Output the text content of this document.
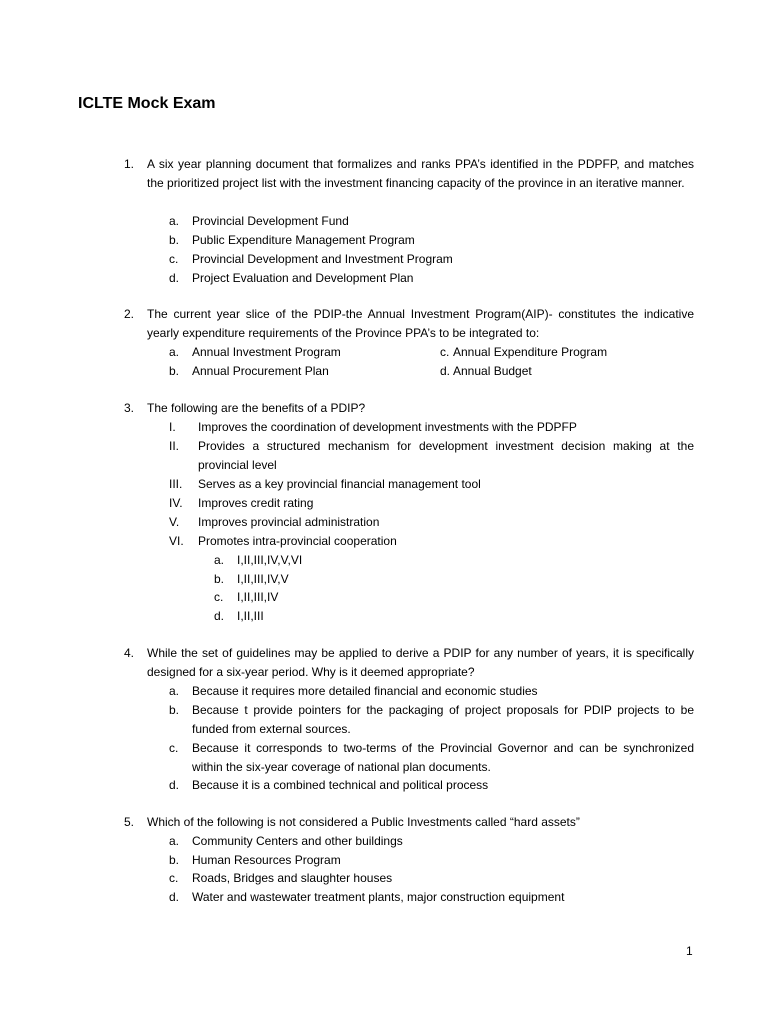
ICLTE Mock Exam
1. A six year planning document that formalizes and ranks PPA’s identified in the PDPFP, and matches the prioritized project list with the investment financing capacity of the province in an iterative manner.
a. Provincial Development Fund
b. Public Expenditure Management Program
c. Provincial Development and Investment Program
d. Project Evaluation and Development Plan
2. The current year slice of the PDIP-the Annual Investment Program(AIP)- constitutes the indicative yearly expenditure requirements of the Province PPA’s to be integrated to:
a. Annual Investment Program	c. Annual Expenditure Program
b. Annual Procurement Plan	d. Annual Budget
3. The following are the benefits of a PDIP?
I. Improves the coordination of development investments with the PDPFP
II. Provides a structured mechanism for development investment decision making at the provincial level
III. Serves as a key provincial financial management tool
IV. Improves credit rating
V. Improves provincial administration
VI. Promotes intra-provincial cooperation
a. I,II,III,IV,V,VI
b. I,II,III,IV,V
c. I,II,III,IV
d. I,II,III
4. While the set of guidelines may be applied to derive a PDIP for any number of years, it is specifically designed for a six-year period. Why is it deemed appropriate?
a. Because it requires more detailed financial and economic studies
b. Because t provide pointers for the packaging of project proposals for PDIP projects to be funded from external sources.
c. Because it corresponds to two-terms of the Provincial Governor and can be synchronized within the six-year coverage of national plan documents.
d. Because it is a combined technical and political process
5. Which of the following is not considered a Public Investments called “hard assets”
a. Community Centers and other buildings
b. Human Resources Program
c. Roads, Bridges and slaughter houses
d. Water and wastewater treatment plants, major construction equipment
1
